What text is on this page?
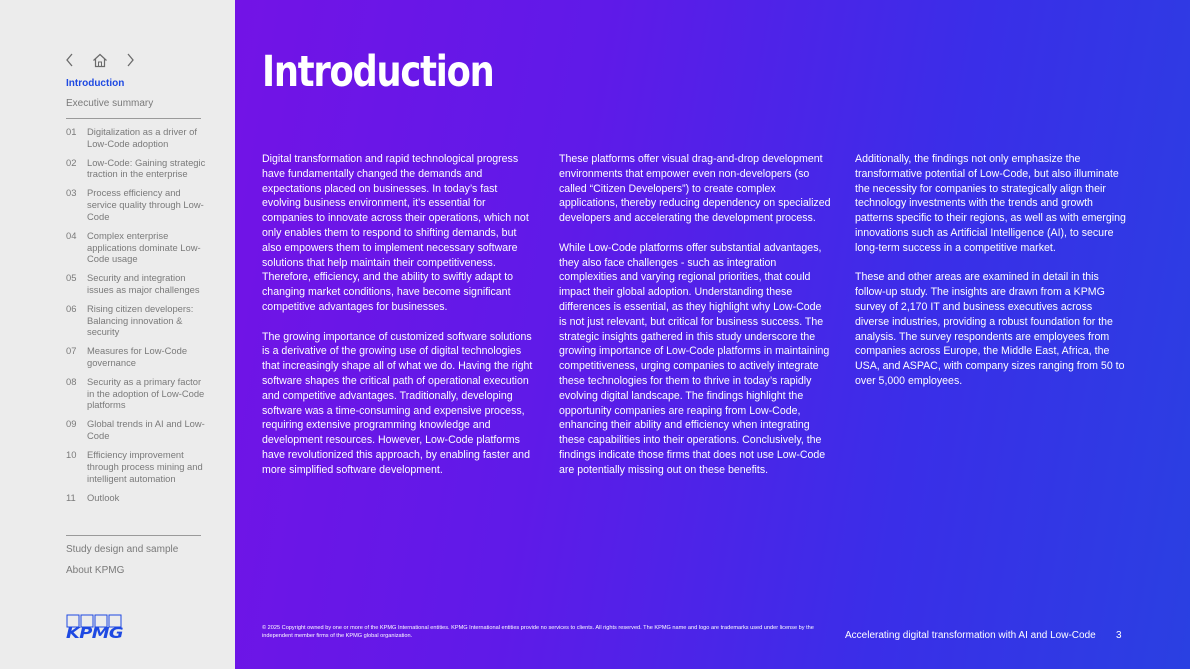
Introduction
Executive summary
01	Digitalization as a driver of Low-Code adoption
02	Low-Code: Gaining strategic traction in the enterprise
03	Process efficiency and service quality through Low-Code
04	Complex enterprise applications dominate Low-Code usage
05	Security and integration issues as major challenges
06	Rising citizen developers: Balancing innovation & security
07	Measures for Low-Code governance
08	Security as a primary factor in the adoption of Low-Code platforms
09	Global trends in AI and Low-Code
10	Efficiency improvement through process mining and intelligent automation
11	Outlook
Study design and sample
About KPMG
KPMG
Introduction

Digital transformation and rapid technological progress have fundamentally changed the demands and expectations placed on businesses. In today’s fast evolving business environment, it’s essential for companies to innovate across their operations, which not only enables them to respond to shifting demands, but also empowers them to implement necessary software solutions that help maintain their competitiveness. Therefore, efficiency, and the ability to swiftly adapt to changing market conditions, have become significant competitive advantages for businesses.

The growing importance of customized software solutions is a derivative of the growing use of digital technologies that increasingly shape all of what we do. Having the right software shapes the critical path of operational execution and competitive advantages. Traditionally, developing software was a time-consuming and expensive process, requiring extensive programming knowledge and development resources. However, Low-Code platforms have revolutionized this approach, by enabling faster and more simplified software development.

These platforms offer visual drag-and-drop development environments that empower even non-developers (so called “Citizen Developers”) to create complex applications, thereby reducing dependency on specialized developers and accelerating the development process.

While Low-Code platforms offer substantial advantages, they also face challenges - such as integration complexities and varying regional priorities, that could impact their global adoption. Understanding these differences is essential, as they highlight why Low-Code is not just relevant, but critical for business success. The strategic insights gathered in this study underscore the growing importance of Low-Code platforms in maintaining competitiveness, urging companies to actively integrate these technologies for them to thrive in today’s rapidly evolving digital landscape. The findings highlight the opportunity companies are reaping from Low-Code, enhancing their ability and efficiency when integrating these capabilities into their operations. Conclusively, the findings indicate those firms that does not use Low-Code are potentially missing out on these benefits.

Additionally, the findings not only emphasize the transformative potential of Low-Code, but also illuminate the necessity for companies to strategically align their technology investments with the trends and growth patterns specific to their regions, as well as with emerging innovations such as Artificial Intelligence (AI), to secure long-term success in a competitive market.

These and other areas are examined in detail in this follow-up study. The insights are drawn from a KPMG survey of 2,170 IT and business executives across diverse industries, providing a robust foundation for the analysis. The survey respondents are employees from companies across Europe, the Middle East, Africa, the USA, and ASPAC, with company sizes ranging from 50 to over 5,000 employees.

© 2025 Copyright owned by one or more of the KPMG International entities. KPMG International entities provide no services to clients. All rights reserved. The KPMG name and logo are trademarks used under license by the independent member firms of the KPMG global organization.	Accelerating digital transformation with AI and Low-Code 3
